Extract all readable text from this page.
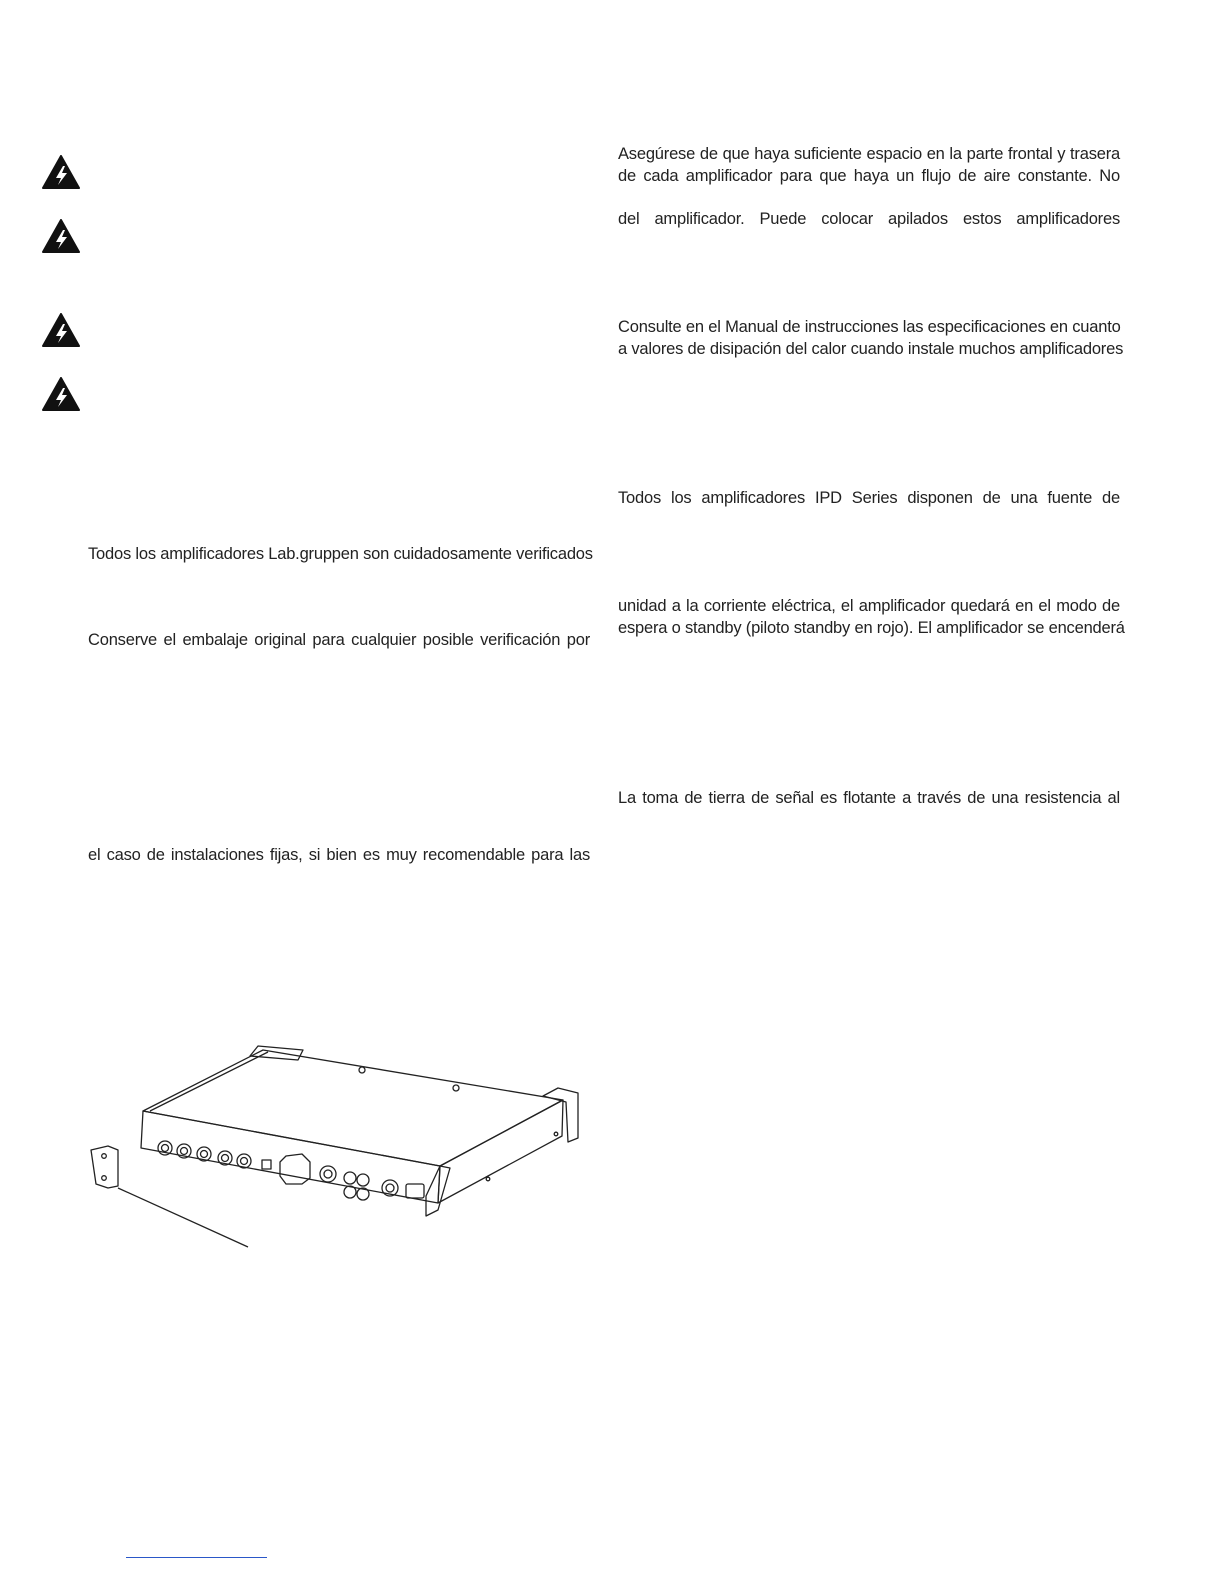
Todos los amplificadores Lab.gruppen son cuidadosamente verificados
Conserve el embalaje original para cualquier posible verificación por
el caso de instalaciones fijas, si bien es muy recomendable para las
Asegúrese de que haya suficiente espacio en la parte frontal y trasera
de cada amplificador para que haya un flujo de aire constante. No
del amplificador. Puede colocar apilados estos amplificadores
Consulte en el Manual de instrucciones las especificaciones en cuanto
a valores de disipación del calor cuando instale muchos amplificadores
Todos los amplificadores IPD Series disponen de una fuente de
unidad a la corriente eléctrica, el amplificador quedará en el modo de
espera o standby (piloto standby en rojo). El amplificador se encenderá
La toma de tierra de señal es flotante a través de una resistencia al
